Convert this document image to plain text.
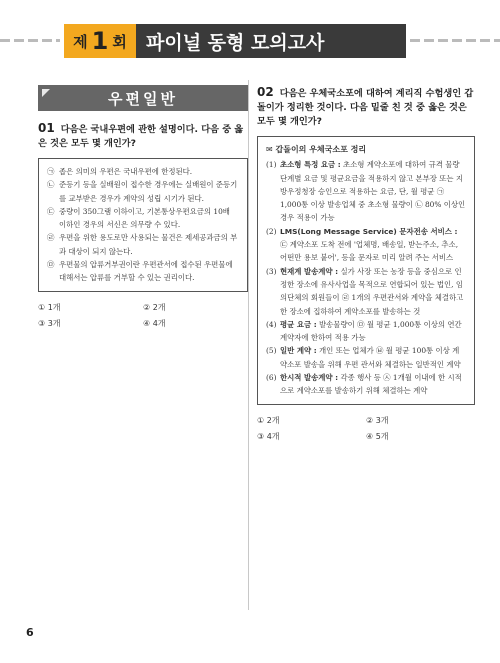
제 1 회	파이널 동형 모의고사
우편일반
01 다음은 국내우편에 관한 설명이다. 다음 중 옳은 것은 모두 몇 개인가?
㉠ 좁은 의미의 우편은 국내우편에 한정된다.
㉡ 준등기 등을 실배원이 접수한 경우에는 실배원이 준등기를 교부받은 경우가 계약의 성립 시기가 된다.
㉢ 중량이 350그램 이하이고, 기본통상우편요금의 10배 이하인 경우의 서신은 의무량 수 있다.
㉣ 우편을 위한 용도로만 사용되는 물건은 제세공과금의 부과 대상이 되지 않는다.
㉤ 우편물의 압류거부권이란 우편관서에 접수된 우편물에 대해서는 압류를 거부할 수 있는 권리이다.
① 1개	② 2개
③ 3개	④ 4개
02 다음은 우체국소포에 대하여 계리직 수험생인 갑돌이가 정리한 것이다. 다음 밑줄 친 것 중 옳은 것은 모두 몇 개인가?
✉ 갑돌이의 우체국소포 정리
(1) 초소형 특정 요금 : 초소형 계약소포에 대하여 규격 물량 단계별 요금 및 평균요금을 적용하지 않고 본부장 또는 지방우정청장 승인으로 적용하는 요금, 단, 월 평균 ㉠ 1,000통 이상 발송업체 중 초소형 물량이 ㉡ 80% 이상인 경우 적용이 가능
(2) LMS(Long Message Service) 문자전송 서비스 : ㉢ 계약소포 도착 전에 '업체명, 배송일, 받는주소, 추소, 어떤만 용보 붙어', 등을 문자로 미리 알려 주는 서비스
(3) 현재계 발송계약 : 실가 사장 또는 농장 등을 중심으로 인정한 장소에 유사사업을 목적으로 연합되어 있는 법인, 임의단체의 회원들이 ㉣ 1개의 우편관서와 계약을 체결하고 한 장소에 집하하여 계약소포를 발송하는 것
(4) 평균 요금 : 발송물량이 ㉤ 월 평균 1,000통 이상의 연간 계약자에 한하여 적용 가능
(5) 일반 계약 : 개인 또는 업체가 ㉥ 월 평균 100통 이상 계약소포 발송을 위해 우편 관서와 체결하는 일반적인 계약
(6) 한시적 발송계약 : 각종 행사 등 ㉦ 1개월 이내에 한 시적으로 계약소포를 발송하기 위해 체결하는 계약
① 2개	② 3개
③ 4개	④ 5개
6
